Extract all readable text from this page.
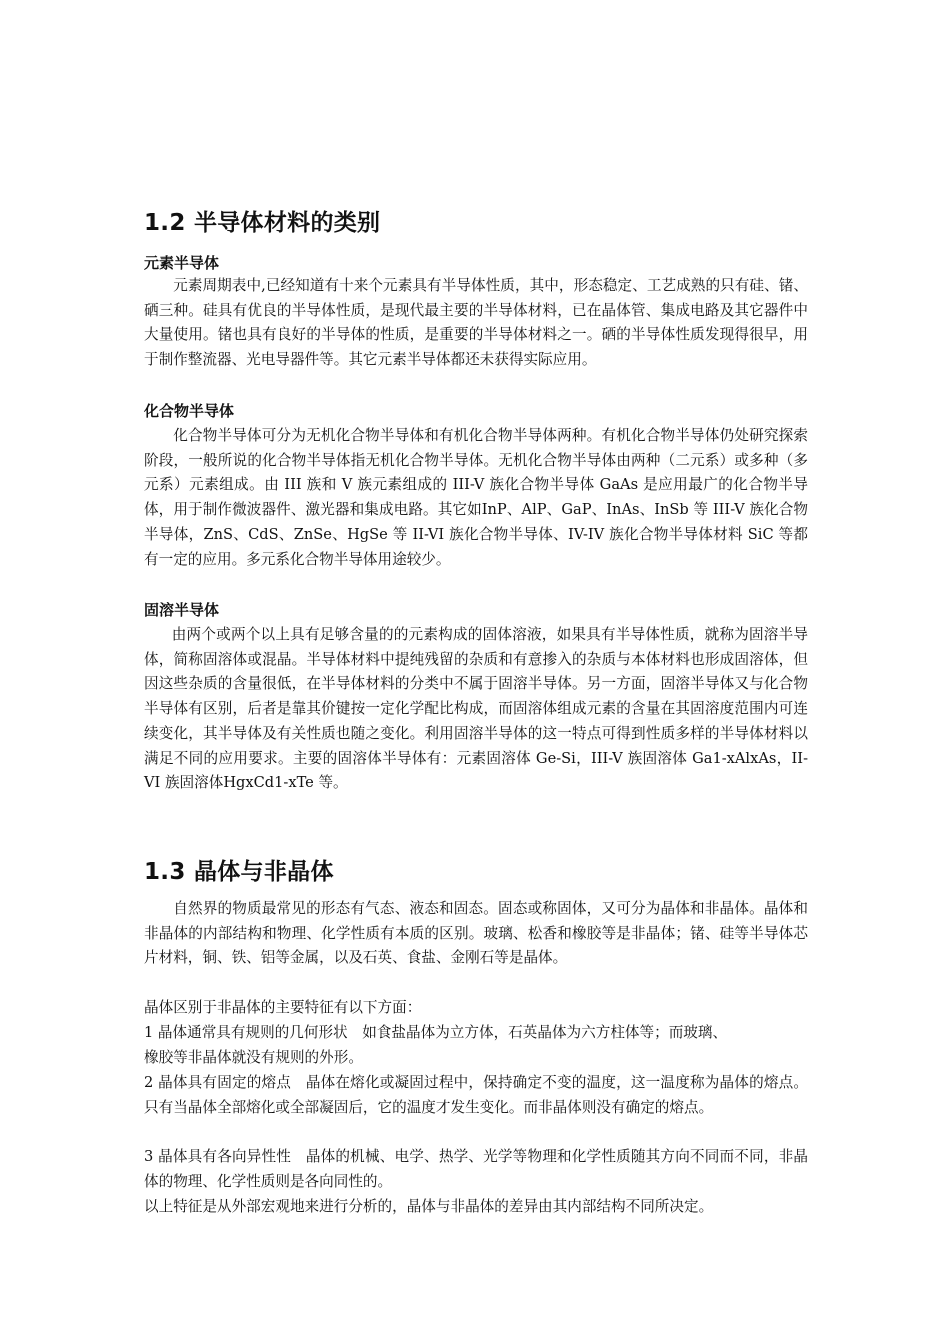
1.2 半导体材料的类别
元素半导体

元素周期表中,已经知道有十来个元素具有半导体性质，其中，形态稳定、工艺成熟的只有硅、锗、硒三种。硅具有优良的半导体性质，是现代最主要的半导体材料，已在晶体管、集成电路及其它器件中大量使用。锗也具有良好的半导体的性质，是重要的半导体材料之一。硒的半导体性质发现得很早，用于制作整流器、光电导器件等。其它元素半导体都还未获得实际应用。

化合物半导体

化合物半导体可分为无机化合物半导体和有机化合物半导体两种。有机化合物半导体仍处研究探索阶段，一般所说的化合物半导体指无机化合物半导体。无机化合物半导体由两种（二元系）或多种（多元系）元素组成。由 III 族和 V 族元素组成的 III-V 族化合物半导体 GaAs 是应用最广的化合物半导体，用于制作微波器件、激光器和集成电路。其它如InP、AlP、GaP、InAs、InSb 等 III-V 族化合物半导体，ZnS、CdS、ZnSe、HgSe 等 II-VI 族化合物半导体、IV-IV 族化合物半导体材料 SiC 等都有一定的应用。多元系化合物半导体用途较少。

固溶半导体

由两个或两个以上具有足够含量的的元素构成的固体溶液，如果具有半导体性质，就称为固溶半导体，简称固溶体或混晶。半导体材料中提纯残留的杂质和有意掺入的杂质与本体材料也形成固溶体，但因这些杂质的含量很低，在半导体材料的分类中不属于固溶半导体。另一方面，固溶半导体又与化合物半导体有区别，后者是靠其价键按一定化学配比构成，而固溶体组成元素的含量在其固溶度范围内可连续变化，其半导体及有关性质也随之变化。利用固溶半导体的这一特点可得到性质多样的半导体材料以满足不同的应用要求。主要的固溶体半导体有：元素固溶体 Ge-Si，III-V 族固溶体 Ga1-xAlxAs，II-VI 族固溶体HgxCd1-xTe 等。

1.3 晶体与非晶体

自然界的物质最常见的形态有气态、液态和固态。固态或称固体，又可分为晶体和非晶体。晶体和非晶体的内部结构和物理、化学性质有本质的区别。玻璃、松香和橡胶等是非晶体；锗、硅等半导体芯片材料，铜、铁、铝等金属，以及石英、食盐、金刚石等是晶体。

晶体区别于非晶体的主要特征有以下方面：
1 晶体通常具有规则的几何形状　如食盐晶体为立方体，石英晶体为六方柱体等；而玻璃、
橡胶等非晶体就没有规则的外形。

2 晶体具有固定的熔点　晶体在熔化或凝固过程中，保持确定不变的温度，这一温度称为晶体的熔点。只有当晶体全部熔化或全部凝固后，它的温度才发生变化。而非晶体则没有确定的熔点。

3 晶体具有各向异性性　晶体的机械、电学、热学、光学等物理和化学性质随其方向不同而不同，非晶体的物理、化学性质则是各向同性的。

以上特征是从外部宏观地来进行分析的，晶体与非晶体的差异由其内部结构不同所决定。
